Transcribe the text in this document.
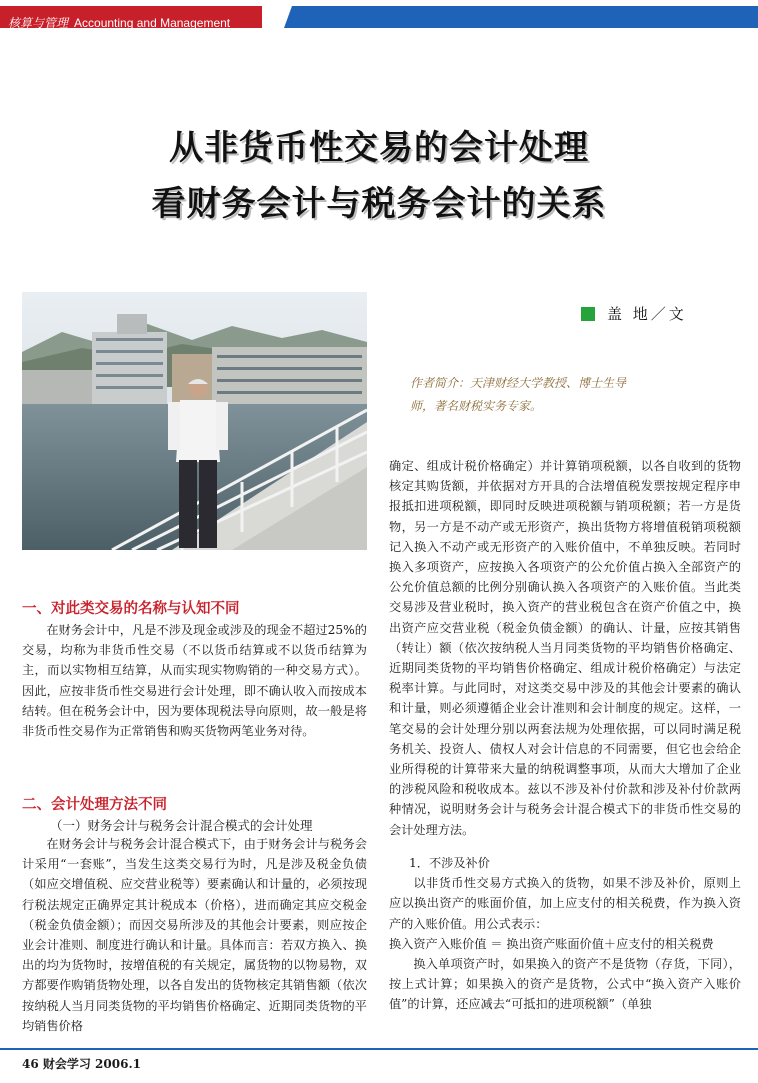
核算与管理 Accounting and Management
从非货币性交易的会计处理
看财务会计与税务会计的关系
盖 地／文
作者简介：天津财经大学教授、博士生导师，著名财税实务专家。
一、对此类交易的名称与认知不同
在财务会计中，凡是不涉及现金或涉及的现金不超过25%的交易，均称为非货币性交易（不以货币结算或不以货币结算为主，而以实物相互结算，从而实现实物购销的一种交易方式）。因此，应按非货币性交易进行会计处理，即不确认收入而按成本结转。但在税务会计中，因为要体现税法导向原则，故一般是将非货币性交易作为正常销售和购买货物两笔业务对待。
二、会计处理方法不同
（一）财务会计与税务会计混合模式的会计处理
在财务会计与税务会计混合模式下，由于财务会计与税务会计采用“一套账”，当发生这类交易行为时，凡是涉及税金负债（如应交增值税、应交营业税等）要素确认和计量的，必须按现行税法规定正确界定其计税成本（价格），进而确定其应交税金（税金负债金额）；而因交易所涉及的其他会计要素，则应按企业会计准则、制度进行确认和计量。具体而言：若双方换入、换出的均为货物时，按增值税的有关规定，属货物的以物易物，双方都要作购销货物处理，以各自发出的货物核定其销售额（依次按纳税人当月同类货物的平均销售价格确定、近期同类货物的平均销售价格
确定、组成计税价格确定）并计算销项税额，以各自收到的货物核定其购货额，并依据对方开具的合法增值税发票按规定程序申报抵扣进项税额，即同时反映进项税额与销项税额；若一方是货物，另一方是不动产或无形资产，换出货物方将增值税销项税额记入换入不动产或无形资产的入账价值中，不单独反映。若同时换入多项资产，应按换入各项资产的公允价值占换入全部资产的公允价值总额的比例分别确认换入各项资产的入账价值。当此类交易涉及营业税时，换入资产的营业税包含在资产价值之中，换出资产应交营业税（税金负债金额）的确认、计量，应按其销售（转让）额（依次按纳税人当月同类货物的平均销售价格确定、近期同类货物的平均销售价格确定、组成计税价格确定）与法定税率计算。与此同时，对这类交易中涉及的其他会计要素的确认和计量，则必须遵循企业会计准则和会计制度的规定。这样，一笔交易的会计处理分别以两套法规为处理依据，可以同时满足税务机关、投资人、债权人对会计信息的不同需要，但它也会给企业所得税的计算带来大量的纳税调整事项，从而大大增加了企业的涉税风险和税收成本。兹以不涉及补付价款和涉及补付价款两种情况，说明财务会计与税务会计混合模式下的非货币性交易的会计处理方法。
1．不涉及补价
以非货币性交易方式换入的货物，如果不涉及补价，原则上应以换出资产的账面价值，加上应支付的相关税费，作为换入资产的入账价值。用公式表示：
换入资产入账价值 ＝ 换出资产账面价值＋应支付的相关税费
换入单项资产时，如果换入的资产不是货物（存货，下同），按上式计算；如果换入的资产是货物，公式中“换入资产入账价值”的计算，还应减去“可抵扣的进项税额”（单独
46 财会学习 2006.1
